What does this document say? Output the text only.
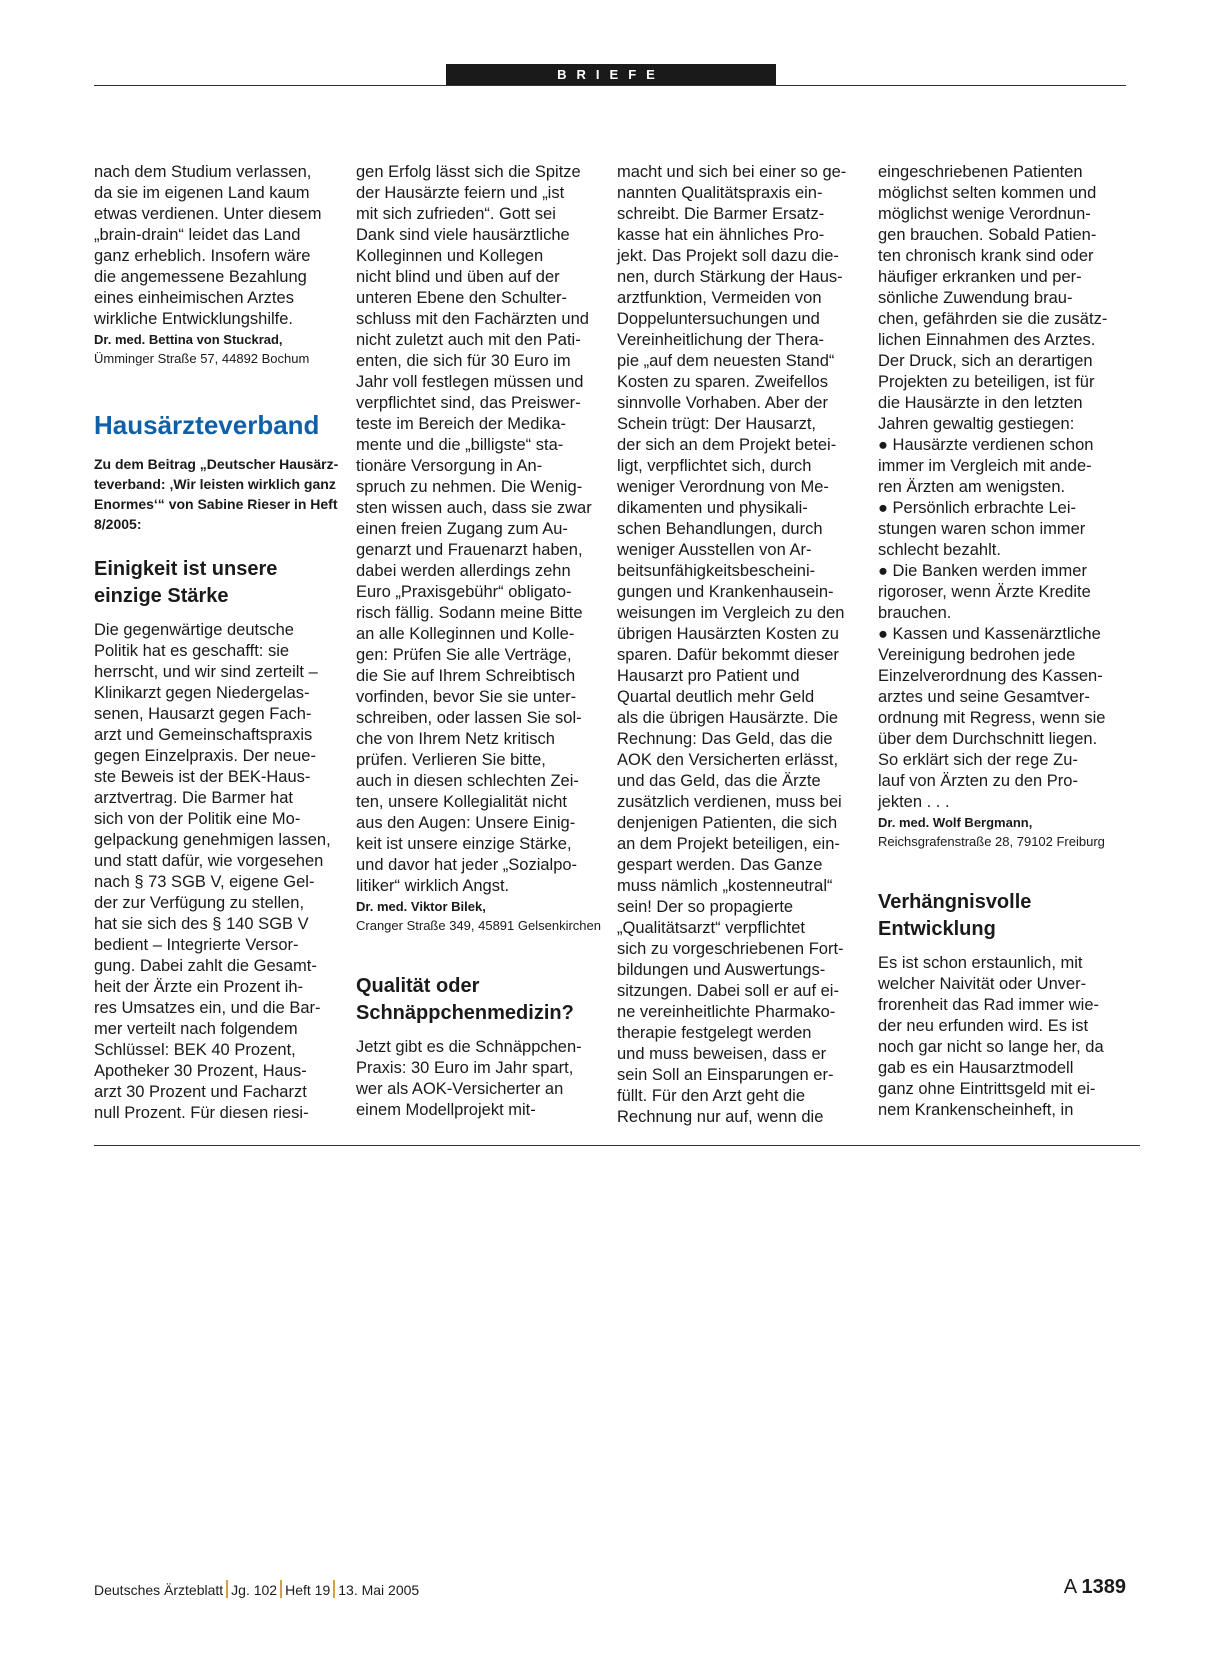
BRIEFE
nach dem Studium verlassen,
da sie im eigenen Land kaum
etwas verdienen. Unter diesem
„brain-drain“ leidet das Land
ganz erheblich. Insofern wäre
die angemessene Bezahlung
eines einheimischen Arztes
wirkliche Entwicklungshilfe.

Dr. med. Bettina von Stuckrad,

Ümminger Straße 57, 44892 Bochum

Hausärzteverband
Zu dem Beitrag „Deutscher Hausärz-
teverband: ‚Wir leisten wirklich ganz
Enormes‘“ von Sabine Rieser in Heft
8/2005:
Einigkeit ist unsere
einzige Stärke
Die gegenwärtige deutsche
Politik hat es geschafft: sie
herrscht, und wir sind zerteilt –
Klinikarzt gegen Niedergelas-
senen, Hausarzt gegen Fach-
arzt und Gemeinschaftspraxis
gegen Einzelpraxis. Der neue-
ste Beweis ist der BEK-Haus-
arztvertrag. Die Barmer hat
sich von der Politik eine Mo-
gelpackung genehmigen lassen,
und statt dafür, wie vorgesehen
nach § 73 SGB V, eigene Gel-
der zur Verfügung zu stellen,
hat sie sich des § 140 SGB V
bedient – Integrierte Versor-
gung. Dabei zahlt die Gesamt-
heit der Ärzte ein Prozent ih-
res Umsatzes ein, und die Bar-
mer verteilt nach folgendem
Schlüssel: BEK 40 Prozent,
Apotheker 30 Prozent, Haus-
arzt 30 Prozent und Facharzt
null Prozent. Für diesen riesi-
gen Erfolg lässt sich die Spitze
der Hausärzte feiern und „ist
mit sich zufrieden“. Gott sei
Dank sind viele hausärztliche
Kolleginnen und Kollegen
nicht blind und üben auf der
unteren Ebene den Schulter-
schluss mit den Fachärzten und
nicht zuletzt auch mit den Pati-
enten, die sich für 30 Euro im
Jahr voll festlegen müssen und
verpflichtet sind, das Preiswer-
teste im Bereich der Medika-
mente und die „billigste“ sta-
tionäre Versorgung in An-
spruch zu nehmen. Die Wenig-
sten wissen auch, dass sie zwar
einen freien Zugang zum Au-
genarzt und Frauenarzt haben,
dabei werden allerdings zehn
Euro „Praxisgebühr“ obligato-
risch fällig. Sodann meine Bitte
an alle Kolleginnen und Kolle-
gen: Prüfen Sie alle Verträge,
die Sie auf Ihrem Schreibtisch
vorfinden, bevor Sie sie unter-
schreiben, oder lassen Sie sol-
che von Ihrem Netz kritisch
prüfen. Verlieren Sie bitte,
auch in diesen schlechten Zei-
ten, unsere Kollegialität nicht
aus den Augen: Unsere Einig-
keit ist unsere einzige Stärke,
und davor hat jeder „Sozialpo-
litiker“ wirklich Angst.

Dr. med. Viktor Bilek,

Cranger Straße 349, 45891 Gelsenkirchen

Qualität oder
Schnäppchenmedizin?
Jetzt gibt es die Schnäppchen-
Praxis: 30 Euro im Jahr spart,
wer als AOK-Versicherter an
einem Modellprojekt mit-
macht und sich bei einer so ge-
nannten Qualitätspraxis ein-
schreibt. Die Barmer Ersatz-
kasse hat ein ähnliches Pro-
jekt. Das Projekt soll dazu die-
nen, durch Stärkung der Haus-
arztfunktion, Vermeiden von
Doppeluntersuchungen und
Vereinheitlichung der Thera-
pie „auf dem neuesten Stand“
Kosten zu sparen. Zweifellos
sinnvolle Vorhaben. Aber der
Schein trügt: Der Hausarzt,
der sich an dem Projekt betei-
ligt, verpflichtet sich, durch
weniger Verordnung von Me-
dikamenten und physikali-
schen Behandlungen, durch
weniger Ausstellen von Ar-
beitsunfähigkeitsbescheini-
gungen und Krankenhausein-
weisungen im Vergleich zu den
übrigen Hausärzten Kosten zu
sparen. Dafür bekommt dieser
Hausarzt pro Patient und
Quartal deutlich mehr Geld
als die übrigen Hausärzte. Die
Rechnung: Das Geld, das die
AOK den Versicherten erlässt,
und das Geld, das die Ärzte
zusätzlich verdienen, muss bei
denjenigen Patienten, die sich
an dem Projekt beteiligen, ein-
gespart werden. Das Ganze
muss nämlich „kostenneutral“
sein! Der so propagierte
„Qualitätsarzt“ verpflichtet
sich zu vorgeschriebenen Fort-
bildungen und Auswertungs-
sitzungen. Dabei soll er auf ei-
ne vereinheitlichte Pharmako-
therapie festgelegt werden
und muss beweisen, dass er
sein Soll an Einsparungen er-
füllt. Für den Arzt geht die
Rechnung nur auf, wenn die
eingeschriebenen Patienten
möglichst selten kommen und
möglichst wenige Verordnun-
gen brauchen. Sobald Patien-
ten chronisch krank sind oder
häufiger erkranken und per-
sönliche Zuwendung brau-
chen, gefährden sie die zusätz-
lichen Einnahmen des Arztes.
Der Druck, sich an derartigen
Projekten zu beteiligen, ist für
die Hausärzte in den letzten
Jahren gewaltig gestiegen:
● Hausärzte verdienen schon
immer im Vergleich mit ande-
ren Ärzten am wenigsten.
● Persönlich erbrachte Lei-
stungen waren schon immer
schlecht bezahlt.
● Die Banken werden immer
rigoroser, wenn Ärzte Kredite
brauchen.
● Kassen und Kassenärztliche
Vereinigung bedrohen jede
Einzelverordnung des Kassen-
arztes und seine Gesamtver-
ordnung mit Regress, wenn sie
über dem Durchschnitt liegen.
So erklärt sich der rege Zu-
lauf von Ärzten zu den Pro-
jekten . . .

Dr. med. Wolf Bergmann,

Reichsgrafenstraße 28, 79102 Freiburg

Verhängnisvolle
Entwicklung
Es ist schon erstaunlich, mit
welcher Naivität oder Unver-
frorenheit das Rad immer wie-
der neu erfunden wird. Es ist
noch gar nicht so lange her, da
gab es ein Hausarztmodell
ganz ohne Eintrittsgeld mit ei-
nem Krankenscheinheft, in
Deutsches Ärzteblatt Jg. 102 Heft 19 13. Mai 2005	A 1389
